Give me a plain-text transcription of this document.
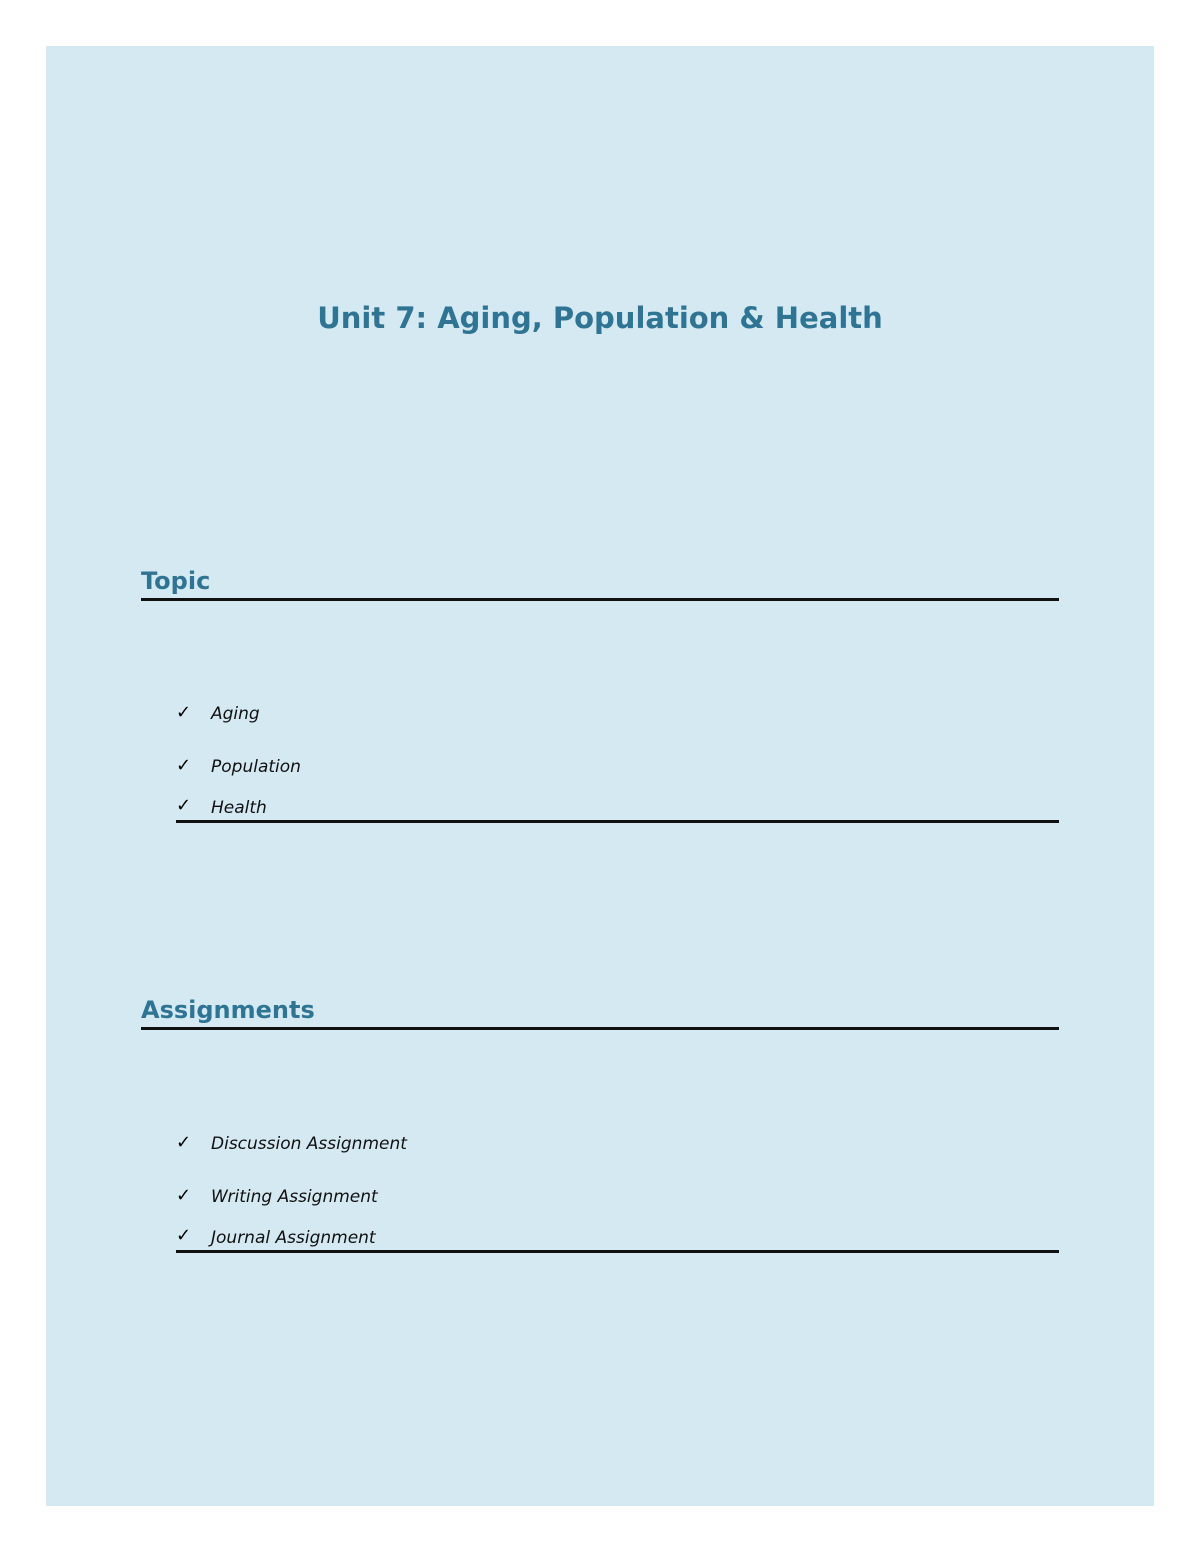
Unit 7: Aging, Population & Health
Topic
✓ Aging
✓ Population
✓ Health
Assignments
✓ Discussion Assignment
✓ Writing Assignment
✓ Journal Assignment
